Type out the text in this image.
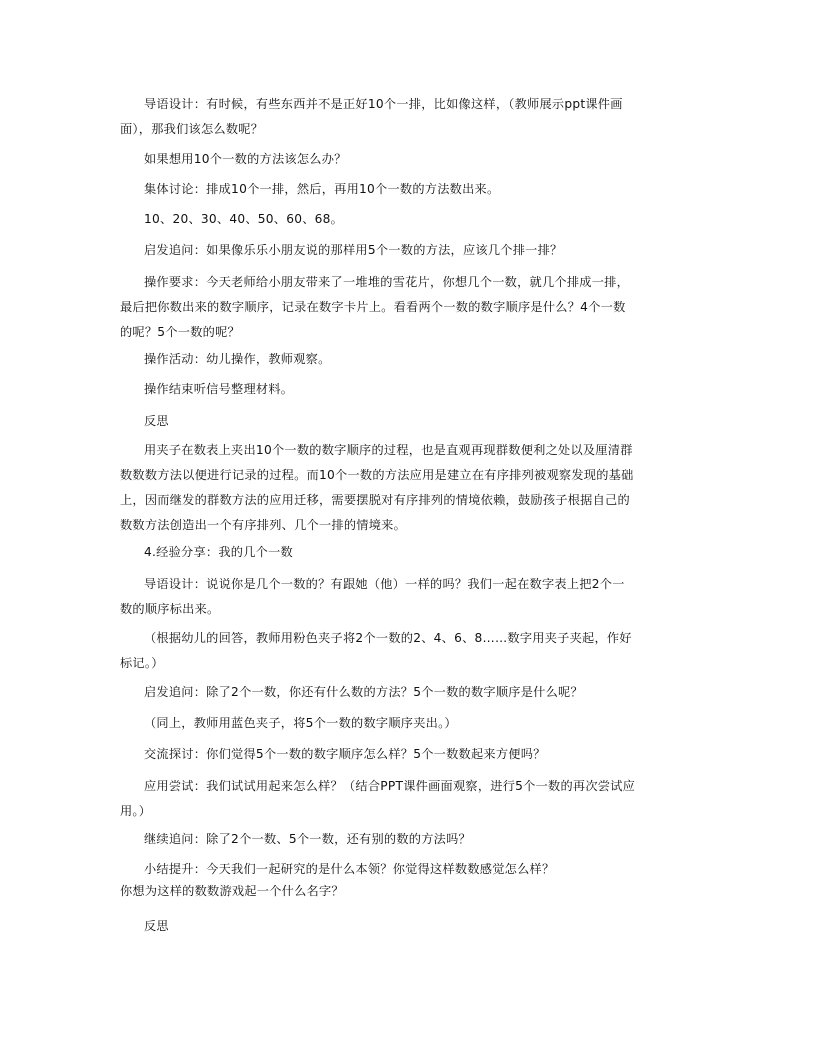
导语设计：有时候，有些东西并不是正好10个一排，比如像这样，（教师展示ppt课件画
面），那我们该怎么数呢？
如果想用10个一数的方法该怎么办？
集体讨论：排成10个一排，然后，再用10个一数的方法数出来。
10、20、30、40、50、60、68。
启发追问：如果像乐乐小朋友说的那样用5个一数的方法，应该几个排一排？
操作要求：今天老师给小朋友带来了一堆堆的雪花片，你想几个一数，就几个排成一排，
最后把你数出来的数字顺序，记录在数字卡片上。看看两个一数的数字顺序是什么？4个一数
的呢？5个一数的呢？
操作活动：幼儿操作，教师观察。
操作结束听信号整理材料。
反思
用夹子在数表上夹出10个一数的数字顺序的过程，也是直观再现群数便利之处以及厘清群
数数数方法以便进行记录的过程。而10个一数的方法应用是建立在有序排列被观察发现的基础
上，因而继发的群数方法的应用迁移，需要摆脱对有序排列的情境依赖，鼓励孩子根据自己的
数数方法创造出一个有序排列、几个一排的情境来。
4.经验分享：我的几个一数
导语设计：说说你是几个一数的？有跟她（他）一样的吗？我们一起在数字表上把2个一
数的顺序标出来。
（根据幼儿的回答，教师用粉色夹子将2个一数的2、4、6、8……数字用夹子夹起，作好
标记。）
启发追问：除了2个一数，你还有什么数的方法？5个一数的数字顺序是什么呢？
（同上，教师用蓝色夹子，将5个一数的数字顺序夹出。）
交流探讨：你们觉得5个一数的数字顺序怎么样？5个一数数起来方便吗？
应用尝试：我们试试用起来怎么样？（结合PPT课件画面观察，进行5个一数的再次尝试应
用。）
继续追问：除了2个一数、5个一数，还有别的数的方法吗？
小结提升：今天我们一起研究的是什么本领？你觉得这样数数感觉怎么样？
你想为这样的数数游戏起一个什么名字？
反思
